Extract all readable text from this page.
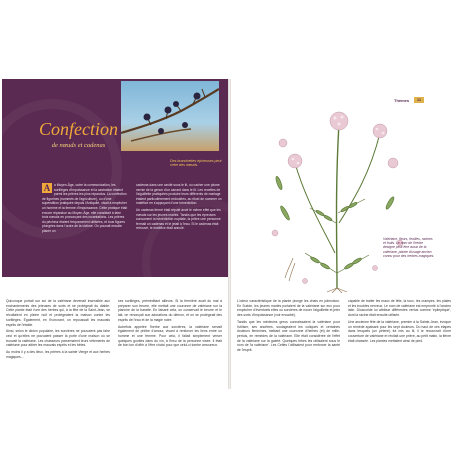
Des branchettes épineuses peut créer des nœuds.
Confection
de nœuds et cadenas

A	u Moyen-Âge, outre la communication, les sortilèges d'impuissance et la castration étaient parmi les prières les plus répandus. La confection de figurines (nommés de l'agriculture), ou d'une superstition pratiquée depuis l'Antiquité, visait à empêcher un homme et la femme d'impuissance. Cette pratique était encore répandue au Moyen-Âge, elle consistait à faire trois nœuds en prononçant des incantations. Les prières du pécheur étaient fréquemment utilisées, et tous figures plongées dans l'ordre de la victime. On pouvait ensuite placer un

cadenas dans une cavité sous le lit, ou cacher une plume vernie de la gence d'un canard dans le lit. Les recettes de l'aiguillette pratiquées produire leurs différents de mariage étaient particulièrement redoutées, au rituel de nommer un maléfice en s'appuyant d'une bénédiction.

Un cadenas fermé était réputé avoir le même effet que les nœuds sur les jeunes mariés. Tandis que les épreuves consument la bénédiction nuptiale, la prière une personne fermait un cadenas et le jetait à l'eau. Si le cadenas était retrouvé, le maléfice était annulé.

Quiconque portait sur soi de la valériane devenait insensible aux enchantements des jeteuses de sorts et se protégeait du diable. Cette plante était l'une des herbes qui, à la fête de la Saint-Jean, se récoltaient en pleine nuit et protégeaient la maison contre les sortilèges. Également, en l'honorant, on repoussait les mauvais esprits de l'étable.

Ainsi, selon le dicton populaire, les sorcières ne pouvaient pas faire ceci et qu'elles ne pouvaient passer la porte d'une maison où se trouvait la valériane. Les chasseurs parsemaient leurs vêtements de valériane pour attirer les mauvais esprits et les bêtes.

Au moins il y a des lieux, les prières à la sainte Vierge et aux herbes magiques...

ses sortilèges, préméditant ailleurs. Si la fermière avait du mal à préparer son beurre, elle mettait une couronne de valériane sur la planche de la baratte. En faisant cela, on conservait le beurre et le lait, on renonçait aux adorations du démon, et on se protégeait des esprits de l'eau et de la magie noire.

Autrefois appelée l'herbe aux sorcières, la valériane servait également de philtre d'amour, visant à renforcer les liens entre un homme et une femme. Pour cela, il fallait simplement verser quelques gouttes dans du vin, à l'insu de la personne visée. Il était de bon ton d'offrir à l'être choisi pour que celui-ci tombe amoureux.

Thèmes	11
Valériane, fleurs, feuilles, racines et fruits. Le nom de l'herbe désigne peut être aussi de la valériane, plante d'usage ancien connu pour des herbes magiques.

L'odeur caractéristique de la plante plonge les chats en pâmoison. En Suède, les jeunes mariés portaient de la valériane sur eux pour empêcher d'éventuels elfes ou sorcières de nouer l'aiguillette et jeter des sorts d'impuissance (voir encadré).

Tandis que les médecins grecs connaissaient la valériane pour l'utiliser, ses ancêtres, soulageaient les coliques et certaines douleurs féminines, mettant une couronne d'herbes (et) de mille-pertuis, en remèdes de la valériane. Elle était considérée de l'effet de la valériane sur la gaieté. Quelques tribes les utilisaient sous le nom de 'la valériane'. Les Celtes l'utilisaient pour renforcer la santé de l'esprit.

capable de traiter les maux de tête, la toux, les crampes, les plaies et les troubles nerveux. Le nom de valériane est emprunté à l'ancien latin. Dioscoride lui attribue différentes vertus comme 'épileptique', dont la racine était ensuite utilisée.

Une ancienne fête de la valériane, premier à la Sainte-Jean, évoque un remède apaisant pour les sept douleurs. Du haut de ces étapes dans lesquels (un pèlerin) fut mis au lit, il le recouvrait d'une couverture de valériane et récitait une prière, au petit matin, la fièvre était chassée. Les plantes mettaient ainsi de pied.
